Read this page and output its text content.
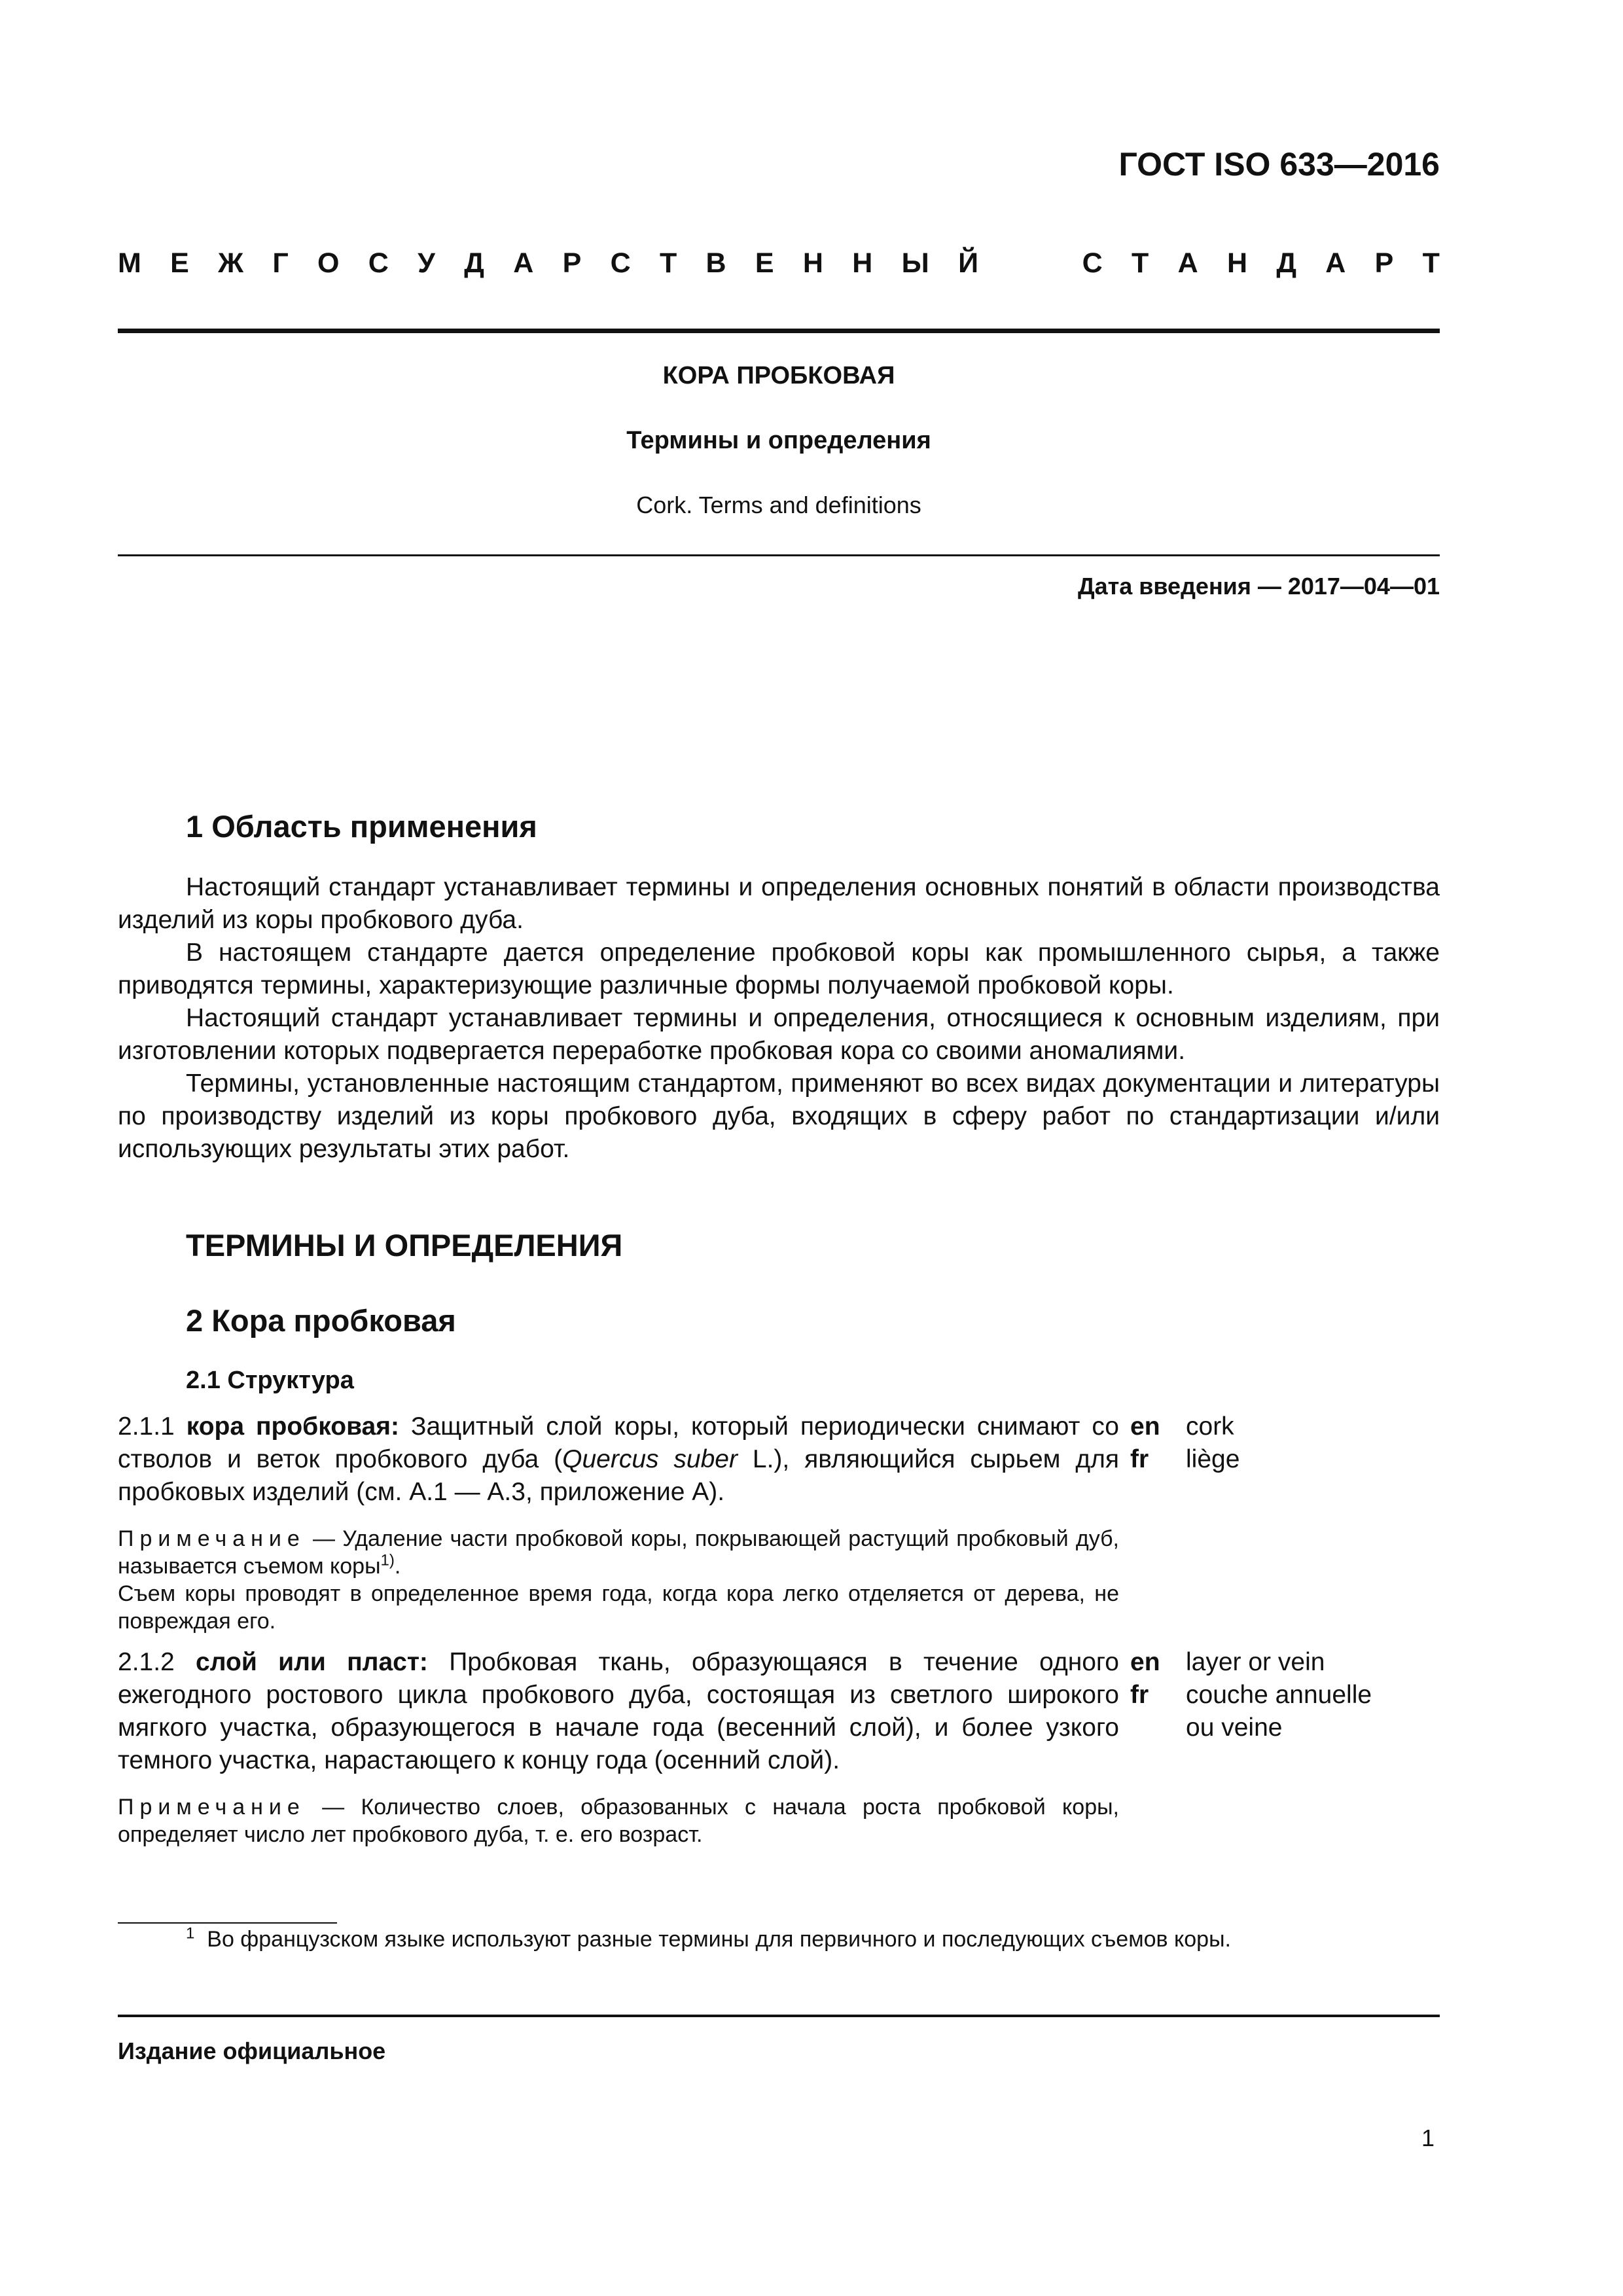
ГОСТ ISO 633—2016
М Е Ж Г О С У Д А Р С Т В Е Н Н Ы Й	С Т А Н Д А Р Т
КОРА ПРОБКОВАЯ
Термины и определения
Cork. Terms and definitions
Дата введения — 2017—04—01
1 Область применения
Настоящий стандарт устанавливает термины и определения основных понятий в области производства изделий из коры пробкового дуба.
В настоящем стандарте дается определение пробковой коры как промышленного сырья, а также приводятся термины, характеризующие различные формы получаемой пробковой коры.
Настоящий стандарт устанавливает термины и определения, относящиеся к основным изделиям, при изготовлении которых подвергается переработке пробковая кора со своими аномалиями.
Термины, установленные настоящим стандартом, применяют во всех видах документации и литературы по производству изделий из коры пробкового дуба, входящих в сферу работ по стандартизации и/или использующих результаты этих работ.
ТЕРМИНЫ И ОПРЕДЕЛЕНИЯ
2 Кора пробковая
2.1 Структура
2.1.1 кора пробковая: Защитный слой коры, который периодически снимают со стволов и веток пробкового дуба (Quercus suber L.), являющийся сырьем для пробковых изделий (см. А.1 — А.3, приложение А).
en
fr
cork
liège
Примечание — Удаление части пробковой коры, покрывающей растущий пробковый дуб, называется съемом коры$^{1)}$.
Съем коры проводят в определенное время года, когда кора легко отделяется от дерева, не повреждая его.
2.1.2 слой или пласт: Пробковая ткань, образующаяся в течение одного ежегодного ростового цикла пробкового дуба, состоящая из светлого широкого мягкого участка, образующегося в начале года (весенний слой), и более узкого темного участка, нарастающего к концу года (осенний слой).
en
fr
layer or vein
couche annuelle
ou veine
Примечание — Количество слоев, образованных с начала роста пробковой коры, определяет число лет пробкового дуба, т. е. его возраст.
$^1$ Во французском языке используют разные термины для первичного и последующих съемов коры.
Издание официальное
1
